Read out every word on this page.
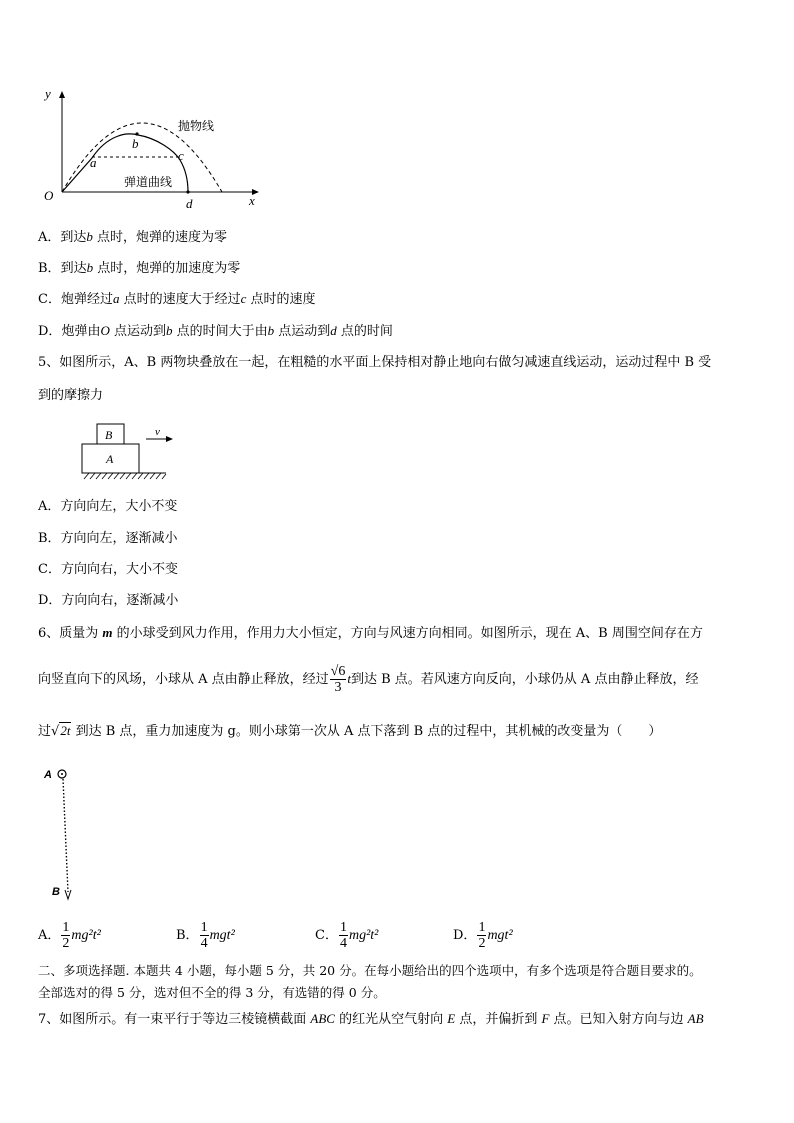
y
O	x
抛物线
弹道曲线
a
b
c
d
A．到达b 点时，炮弹的速度为零
B．到达b 点时，炮弹的加速度为零
C．炮弹经过a 点时的速度大于经过c 点时的速度
D．炮弹由O 点运动到b 点的时间大于由b 点运动到d 点的时间
5、如图所示，A、B 两物块叠放在一起，在粗糙的水平面上保持相对静止地向右做匀减速直线运动，运动过程中 B 受
到的摩擦力
B
A
v
A．方向向左，大小不变
B．方向向左，逐渐减小
C．方向向右，大小不变
D．方向向右，逐渐减小
6、质量为 m 的小球受到风力作用，作用力大小恒定，方向与风速方向相同。如图所示，现在 A、B 周围空间存在方
向竖直向下的风场，小球从 A 点由静止释放，经过 $\frac{√6}{3}$ t到达 B 点。若风速方向反向，小球仍从 A 点由静止释放，经
过√2t 到达 B 点，重力加速度为 g。则小球第一次从 A 点下落到 B 点的过程中，其机械的改变量为（　　）
A
B
A． $\frac{1}{2} mg^2t^2$	B． $\frac{1}{4} mgt^2$	C． $\frac{1}{4} mg^2t^2$	D． $\frac{1}{2} mgt^2$
二、多项选择题. 本题共 4 小题，每小题 5 分，共 20 分。在每小题给出的四个选项中，有多个选项是符合题目要求的。
全部选对的得 5 分，选对但不全的得 3 分，有选错的得 0 分。
7、如图所示。有一束平行于等边三棱镜横截面 ABC 的红光从空气射向 E 点，并偏折到 F 点。已知入射方向与边 AB
